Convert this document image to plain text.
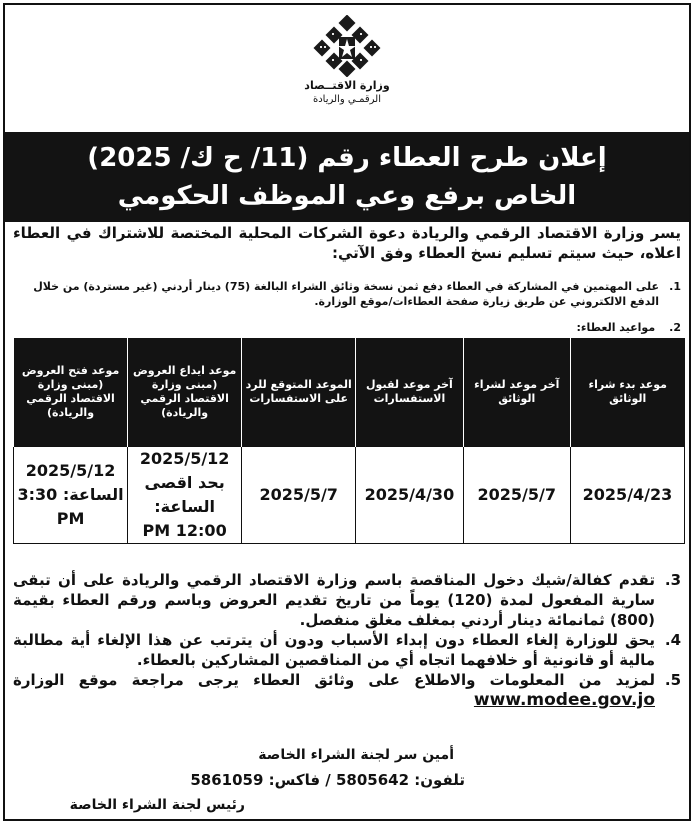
وزارة الاقتــصاد
الرقمـي والريادة
إعلان طرح العطاء رقم (11/ ح ك/ 2025)
الخاص برفع وعي الموظف الحكومي
يسر وزارة الاقتصاد الرقمي والريادة دعوة الشركات المحلية المختصة للاشتراك في العطاء اعلاه، حيث سيتم تسليم نسخ العطاء وفق الآتي:
1.
على المهتمين في المشاركة في العطاء دفع ثمن نسخة وثائق الشراء البالغة (75) دينار أردني (غير مستردة) من خلال الدفع الالكتروني عن طريق زيارة صفحة العطاءات/موقع الوزارة.
2. مواعيد العطاء:
موعد بدء شراء الوثائق	آخر موعد لشراء الوثائق	آخر موعد لقبول الاستفسارات	الموعد المتوقع للرد على الاستفسارات	موعد ايداع العروض (مبنى وزارة الاقتصاد الرقمي والريادة)	موعد فتح العروض (مبنى وزارة الاقتصاد الرقمي والريادة)
2025/4/23	2025/5/7	2025/4/30	2025/5/7	2025/5/12 بحد اقصى الساعة: 12:00 PM	2025/5/12 الساعة: 3:30 PM
3.
تقدم كفالة/شيك دخول المناقصة باسم وزارة الاقتصاد الرقمي والريادة على أن تبقى سارية المفعول لمدة (120) يوماً من تاريخ تقديم العروض وباسم ورقم العطاء بقيمة (800) ثمانمائة دينار أردني بمغلف مغلق منفصل.
4.
يحق للوزارة إلغاء العطاء دون إبداء الأسباب ودون أن يترتب عن هذا الإلغاء أية مطالبة مالية أو قانونية أو خلافهما اتجاه أي من المناقصين المشاركين بالعطاء.
5.
لمزيد من المعلومات والاطلاع على وثائق العطاء يرجى مراجعة موقع الوزارة www.modee.gov.jo
أمين سر لجنة الشراء الخاصة
تلفون: 5805642 / فاكس: 5861059
رئيس لجنة الشراء الخاصة
